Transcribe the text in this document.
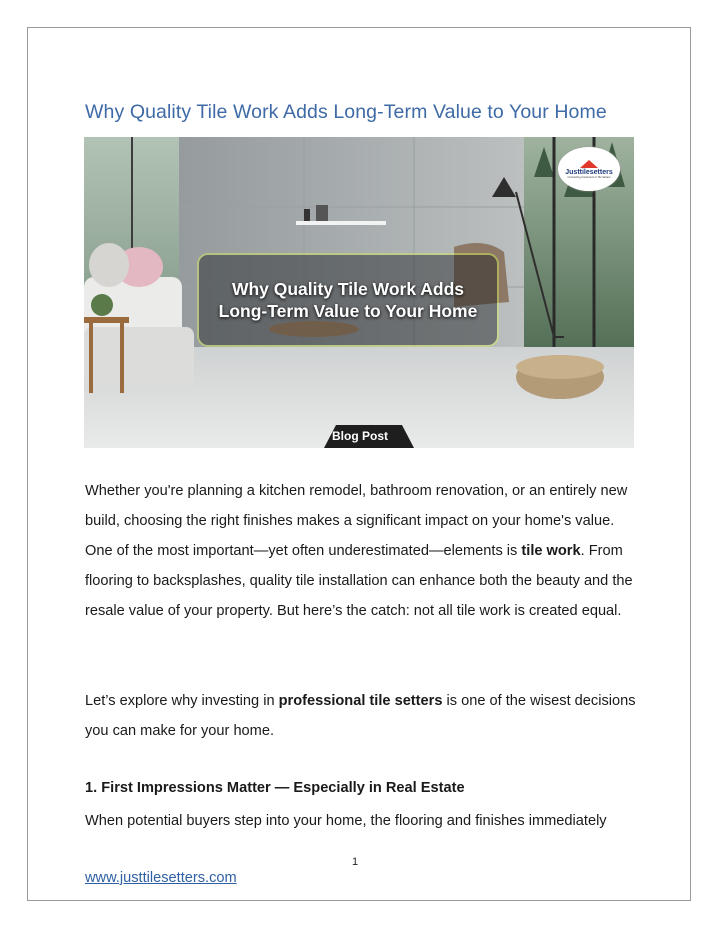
Why Quality Tile Work Adds Long-Term Value to Your Home
Why Quality Tile Work Adds
Long-Term Value to Your Home
Blog Post
Justtilesetters
Connecting Customers to Tile Setters

Whether you're planning a kitchen remodel, bathroom renovation, or an entirely new build, choosing the right finishes makes a significant impact on your home's value. One of the most important—yet often underestimated—elements is tile work. From flooring to backsplashes, quality tile installation can enhance both the beauty and the resale value of your property. But here’s the catch: not all tile work is created equal.

Let’s explore why investing in professional tile setters is one of the wisest decisions you can make for your home.

1. First Impressions Matter — Especially in Real Estate

When potential buyers step into your home, the flooring and finishes immediately

1
www.justtilesetters.com
